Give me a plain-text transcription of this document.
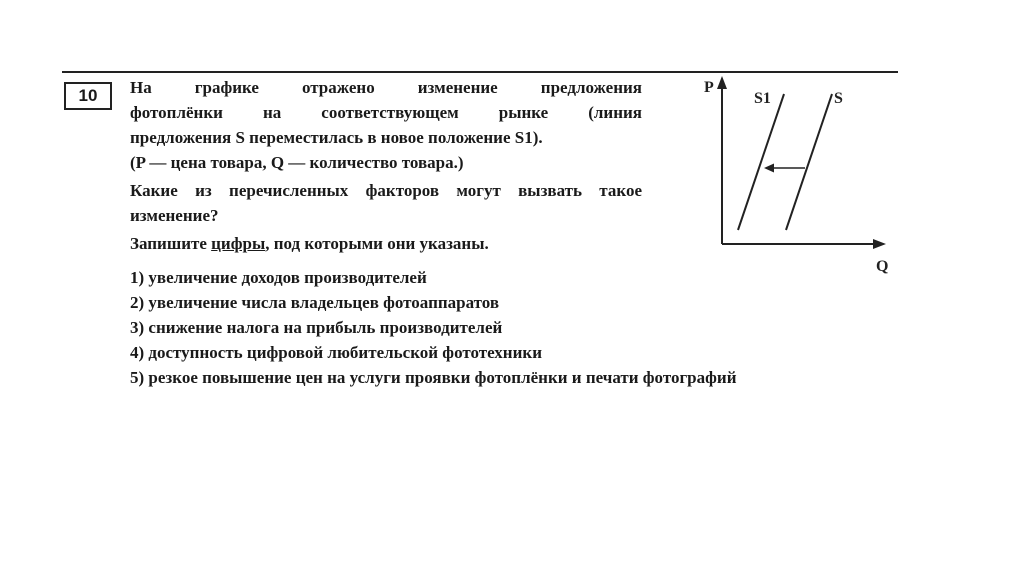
10 На графике отражено изменение предложения
фотоплёнки на соответствующем рынке (линия
предложения S переместилась в новое положение S1).
(P — цена товара, Q — количество товара.)
Какие из перечисленных факторов могут вызвать такое
изменение?
Запишите цифры, под которыми они указаны.
1) увеличение доходов производителей
2) увеличение числа владельцев фотоаппаратов
3) снижение налога на прибыль производителей
4) доступность цифровой любительской фототехники
5) резкое повышение цен на услуги проявки фотоплёнки и печати фотографий
P
S1	S
Q
